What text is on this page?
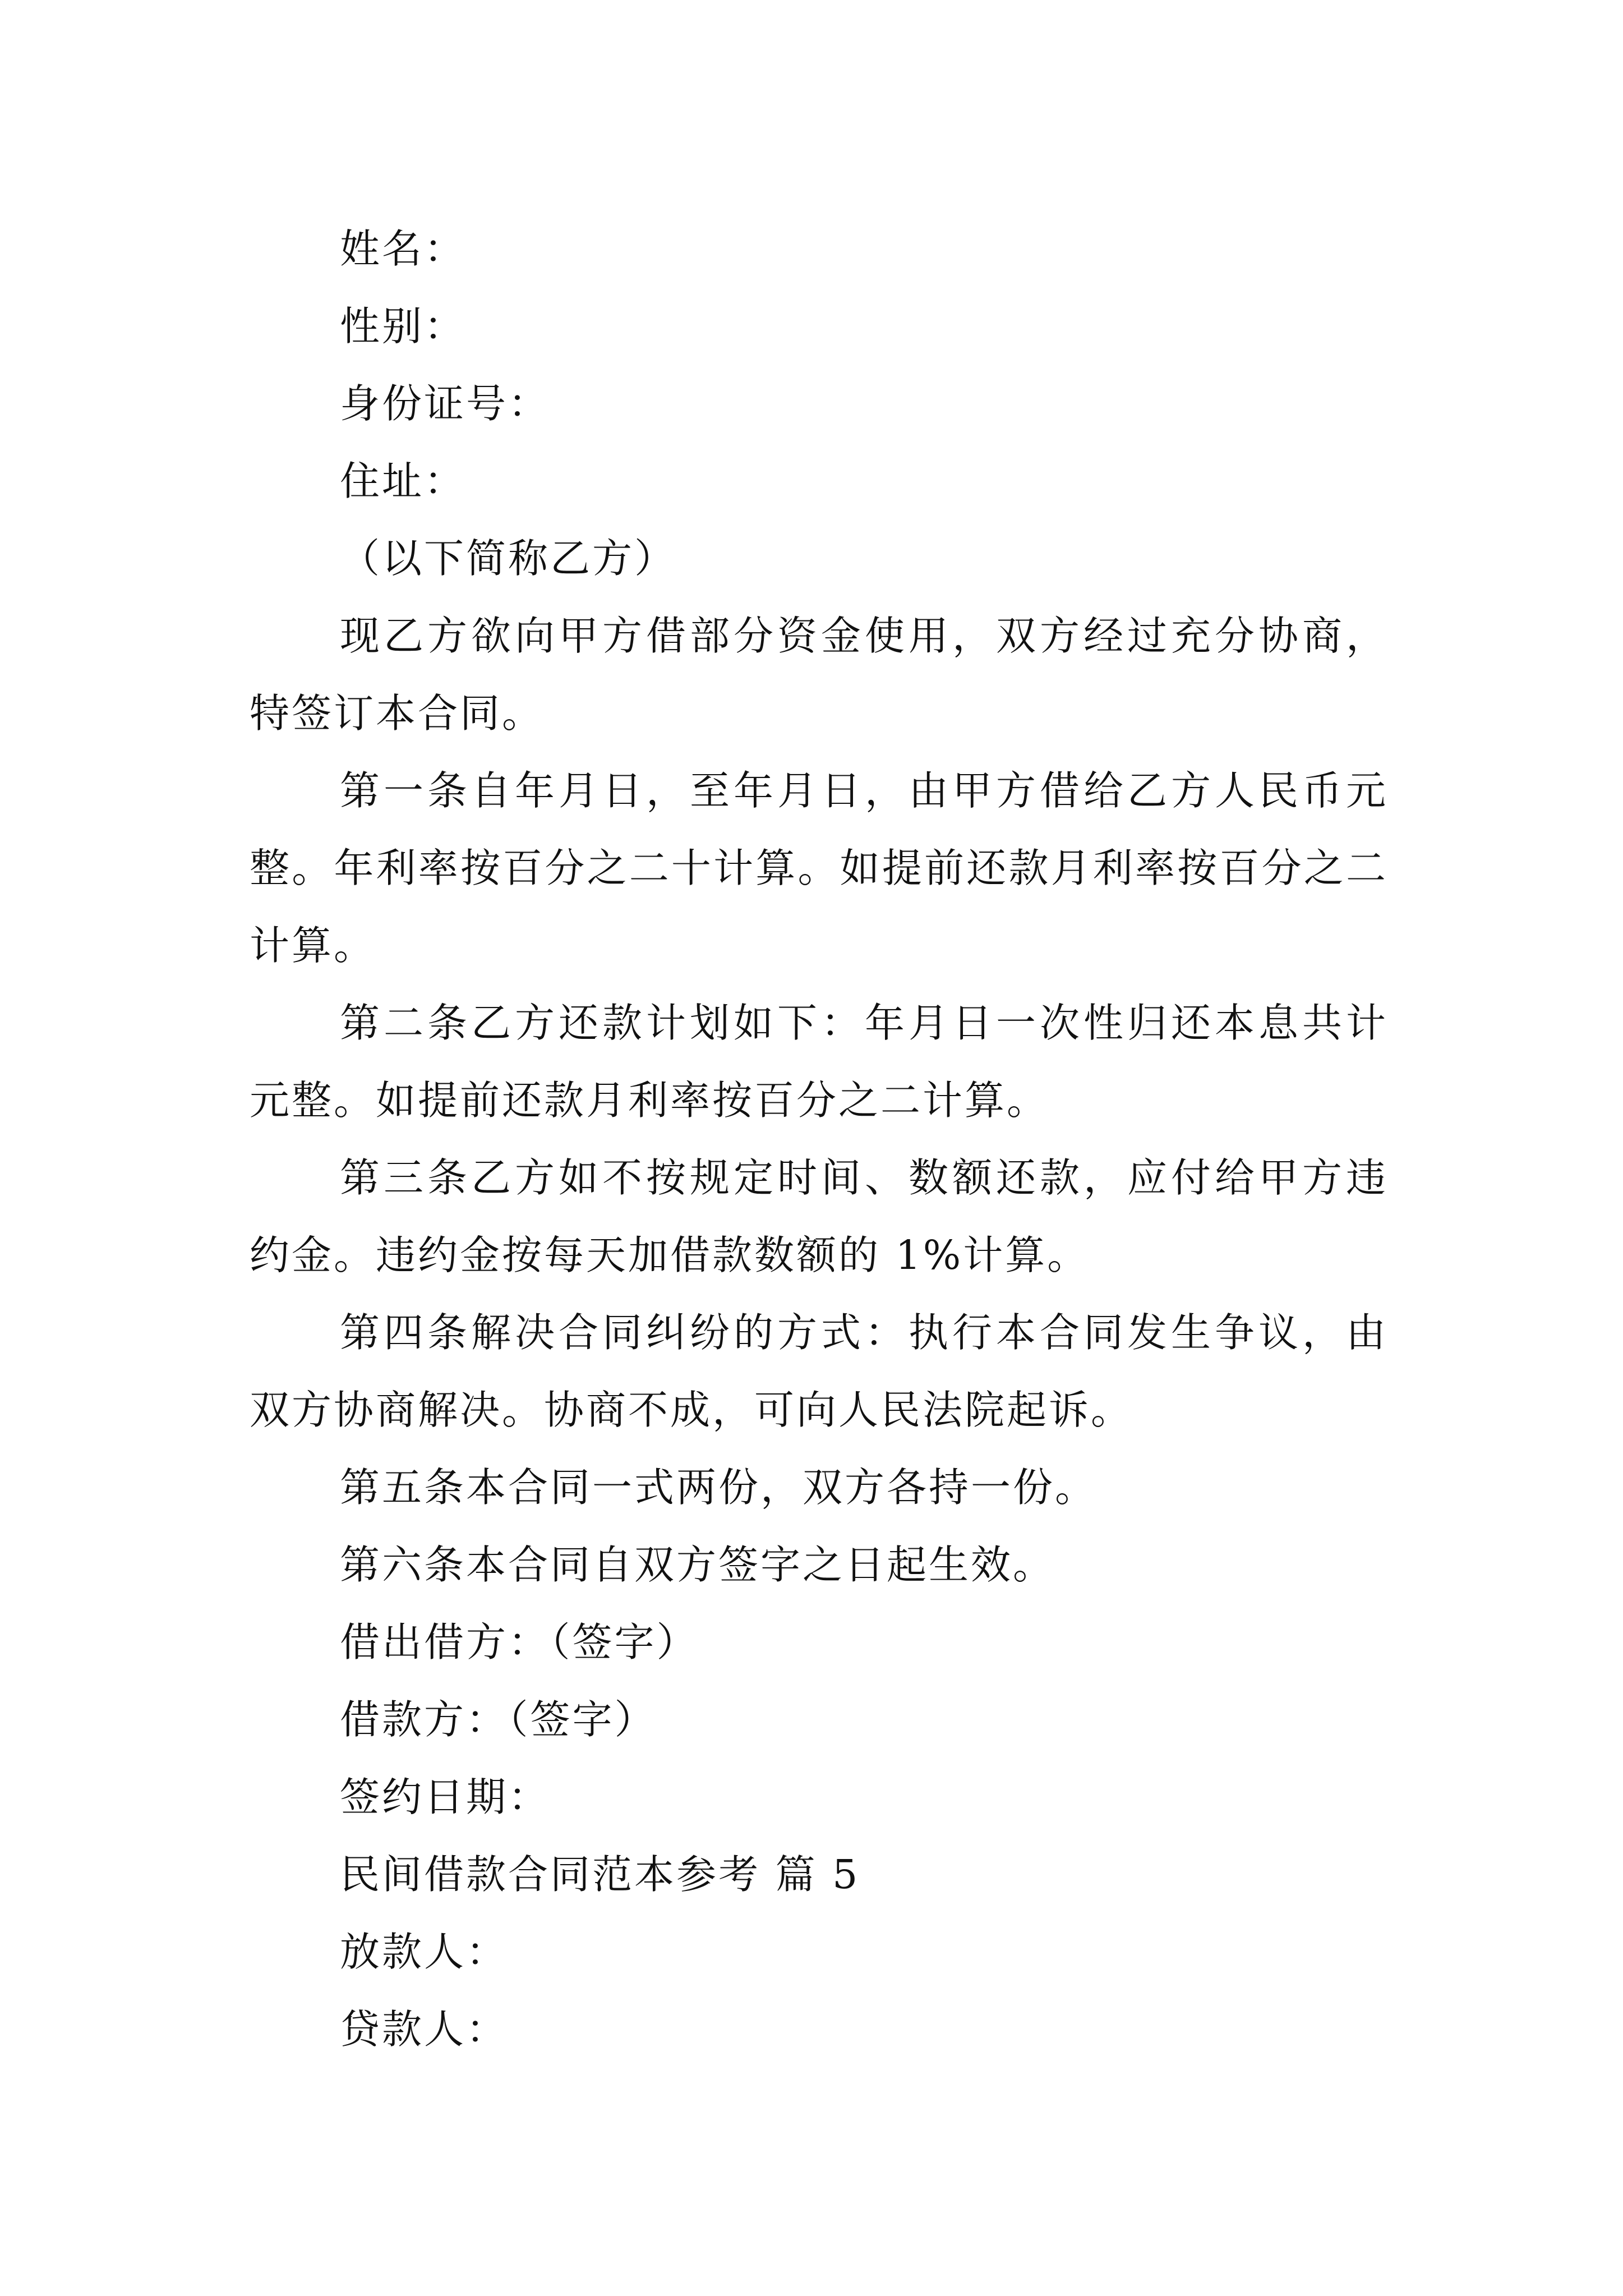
姓名：
性别：
身份证号：
住址：
（以下简称乙方）
现乙方欲向甲方借部分资金使用，双方经过充分协商，特签订本合同。
第一条自年月日，至年月日，由甲方借给乙方人民币元整。年利率按百分之二十计算。如提前还款月利率按百分之二计算。
第二条乙方还款计划如下：年月日一次性归还本息共计元整。如提前还款月利率按百分之二计算。
第三条乙方如不按规定时间、数额还款，应付给甲方违约金。违约金按每天加借款数额的 1%计算。
第四条解决合同纠纷的方式：执行本合同发生争议，由双方协商解决。协商不成，可向人民法院起诉。
第五条本合同一式两份，双方各持一份。
第六条本合同自双方签字之日起生效。
借出借方：（签字）
借款方：（签字）
签约日期：
民间借款合同范本参考 篇 5
放款人：
贷款人：
